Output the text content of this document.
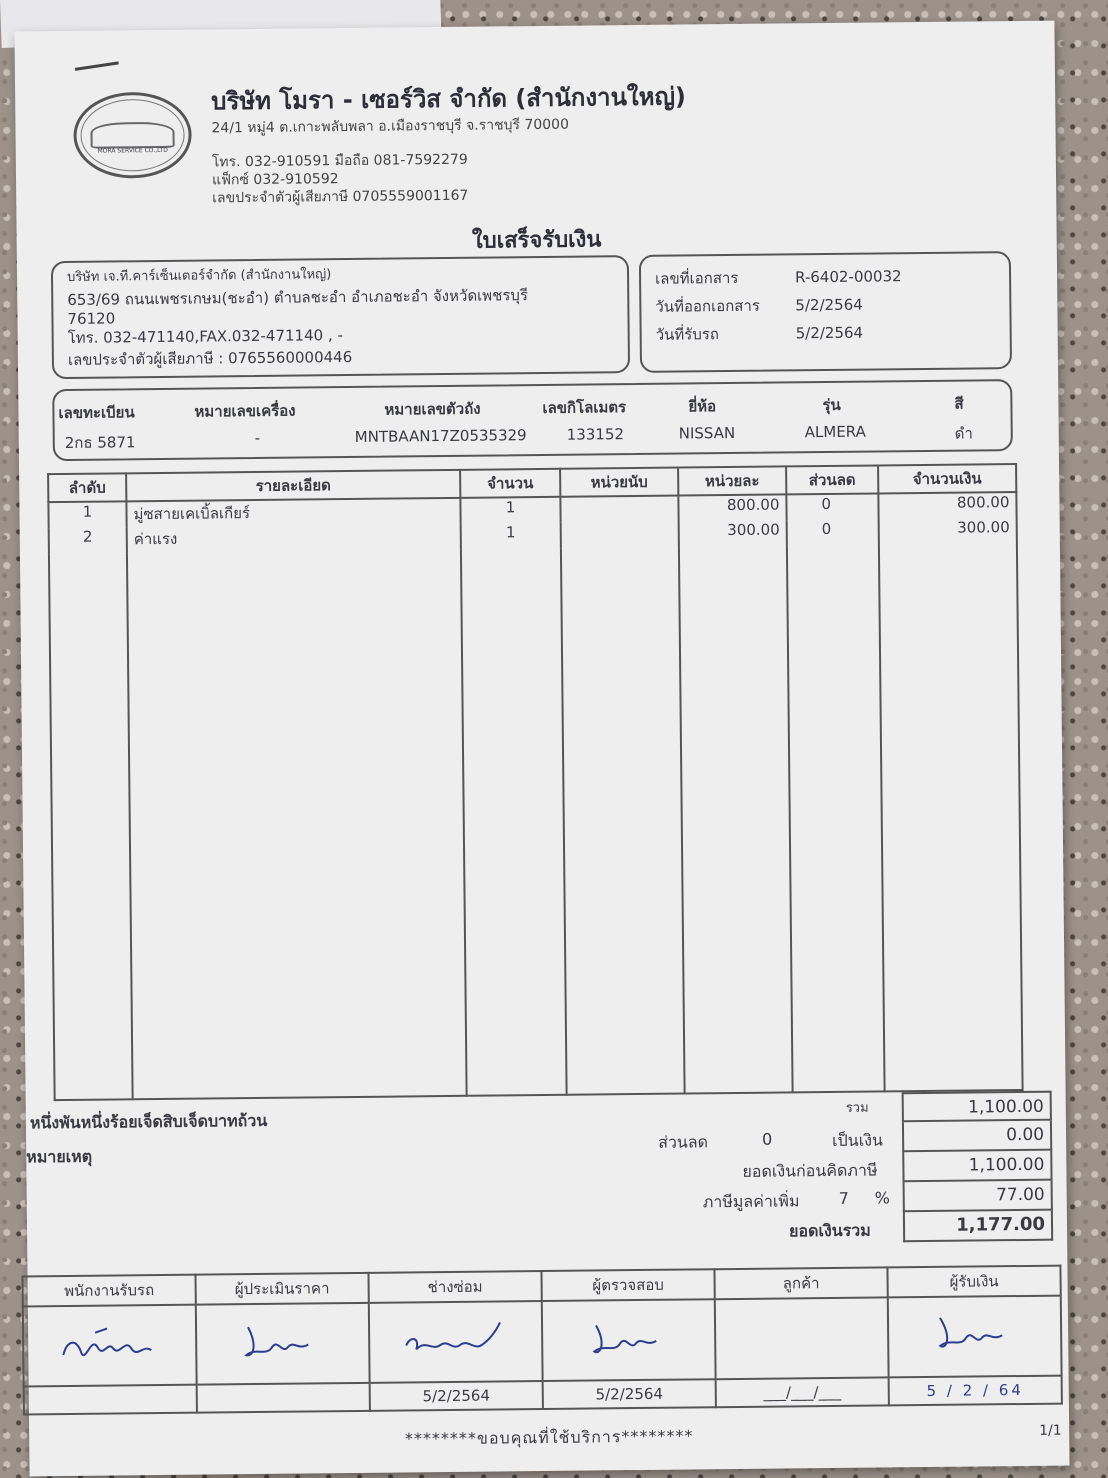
MORA SERVICE CO.,LTD
บริษัท โมรา - เซอร์วิส จำกัด (สำนักงานใหญ่)
24/1 หมู่4 ต.เกาะพลับพลา อ.เมืองราชบุรี จ.ราชบุรี 70000
โทร. 032-910591 มือถือ 081-7592279
แฟ็กซ์ 032-910592
เลขประจำตัวผู้เสียภาษี 0705559001167
ใบเสร็จรับเงิน
บริษัท เจ.ที.คาร์เซ็นเตอร์จำกัด (สำนักงานใหญ่)
653/69 ถนนเพชรเกษม(ชะอำ) ตำบลชะอำ อำเภอชะอำ จังหวัดเพชรบุรี
76120
โทร. 032-471140,FAX.032-471140 , -
เลขประจำตัวผู้เสียภาษี : 0765560000446
เลขที่เอกสาร	R-6402-00032
วันที่ออกเอกสาร	5/2/2564
วันที่รับรถ	5/2/2564
เลขทะเบียน	หมายเลขเครื่อง	หมายเลขตัวถัง	เลขกิโลเมตร	ยี่ห้อ	รุ่น	สี
2กธ 5871	-	MNTBAAN17Z0535329	133152	NISSAN	ALMERA	ดำ
ลำดับ	รายละเอียด	จำนวน	หน่วยนับ	หน่วยละ	ส่วนลด	จำนวนเงิน
1	มู่ซสายเคเบิ้ลเกียร์	1		800.00	0	800.00
2	ค่าแรง	1		300.00	0	300.00

หนึ่งพันหนึ่งร้อยเจ็ดสิบเจ็ดบาทถ้วน
หมายเหตุ
รวม	1,100.00
ส่วนลด	0	เป็นเงิน	0.00
ยอดเงินก่อนคิดภาษี	1,100.00
ภาษีมูลค่าเพิ่ม 7 %	77.00
ยอดเงินรวม	1,177.00
พนักงานรับรถ	ผู้ประเมินราคา	ช่างซ่อม	ผู้ตรวจสอบ	ลูกค้า	ผู้รับเงิน

		5/2/2564	5/2/2564	___/___/___	5 / 2 / 64
********ขอบคุณที่ใช้บริการ********	1/1
